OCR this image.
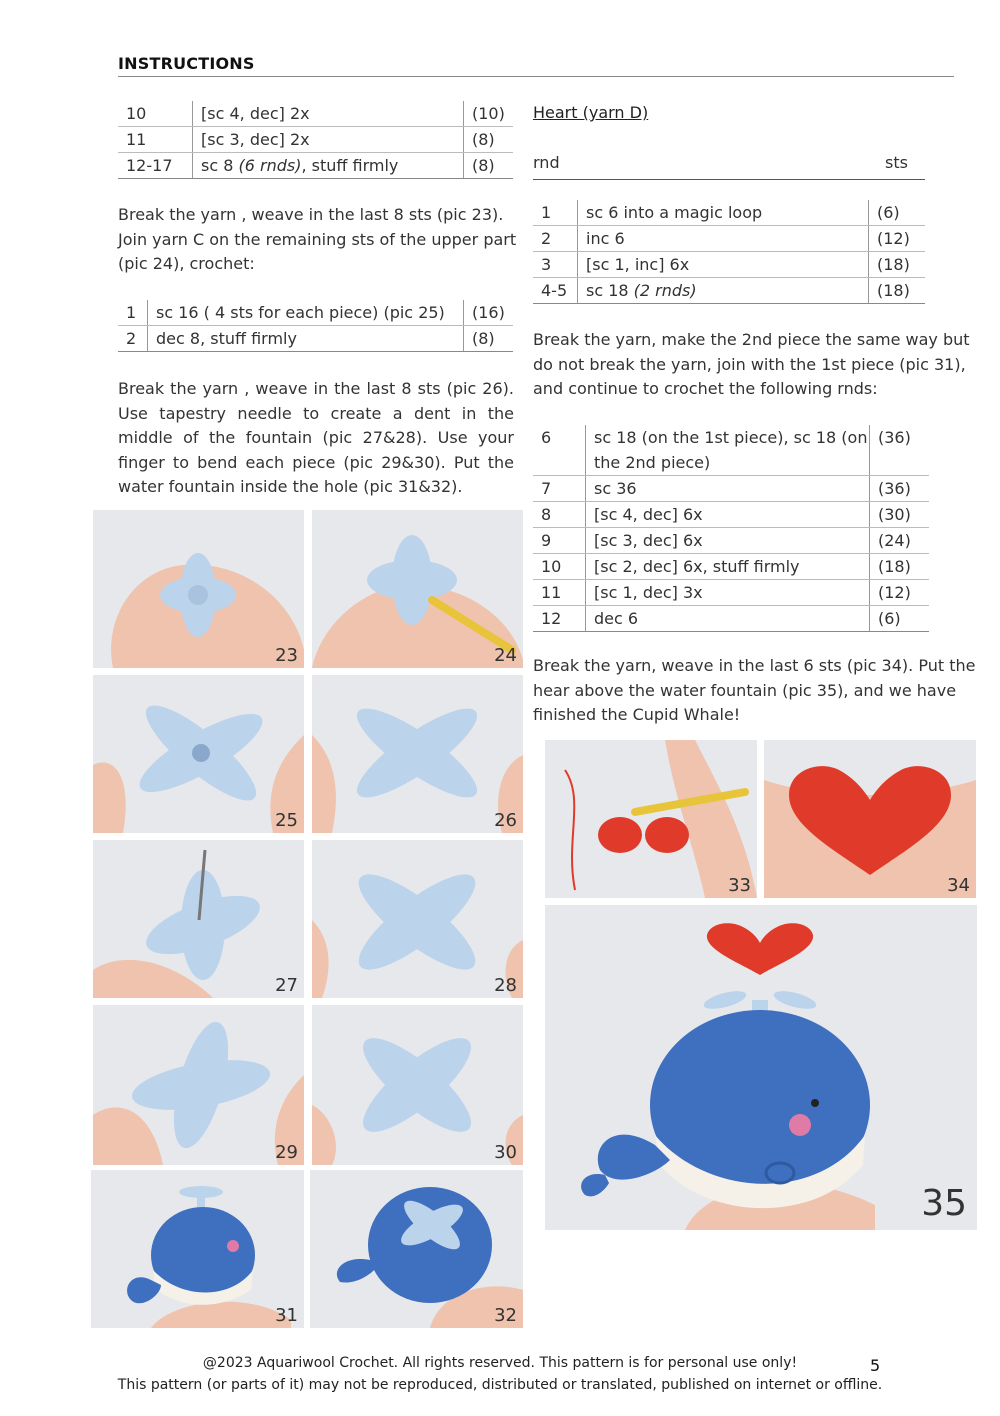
INSTRUCTIONS
10	[sc 4, dec] 2x	(10)
11	[sc 3, dec] 2x	(8)
12-17	sc 8 (6 rnds), stuff firmly	(8)
Break the yarn , weave in the last 8 sts (pic 23). Join yarn C on the remaining sts of the upper part (pic 24), crochet:
1	sc 16 ( 4 sts for each piece) (pic 25)	(16)
2	dec 8, stuff firmly	(8)
Break the yarn , weave in the last 8 sts (pic 26). Use tapestry needle to create a dent in the middle of the fountain (pic 27&28). Use your finger to bend each piece (pic 29&30). Put the water fountain inside the hole (pic 31&32).
Heart (yarn D)
rnd	sts
1	sc 6 into a magic loop	(6)
2	inc 6	(12)
3	[sc 1, inc] 6x	(18)
4-5	sc 18 (2 rnds)	(18)
Break the yarn, make the 2nd piece the same way but do not break the yarn, join with the 1st piece (pic 31), and continue to crochet the following rnds:
6	sc 18 (on the 1st piece), sc 18 (on the 2nd piece)	(36)
7	sc 36	(36)
8	[sc 4, dec] 6x	(30)
9	[sc 3, dec] 6x	(24)
10	[sc 2, dec] 6x, stuff firmly	(18)
11	[sc 1, dec] 3x	(12)
12	dec 6	(6)
Break the yarn, weave in the last 6 sts (pic 34). Put the hear above the water fountain (pic 35), and we have finished the Cupid Whale!
23	24
25	26
27	28
29	30
31	32
33	34
35
@2023 Aquariwool Crochet. All rights reserved. This pattern is for personal use only!
This pattern (or parts of it) may not be reproduced, distributed or translated, published on internet or offline.
5
